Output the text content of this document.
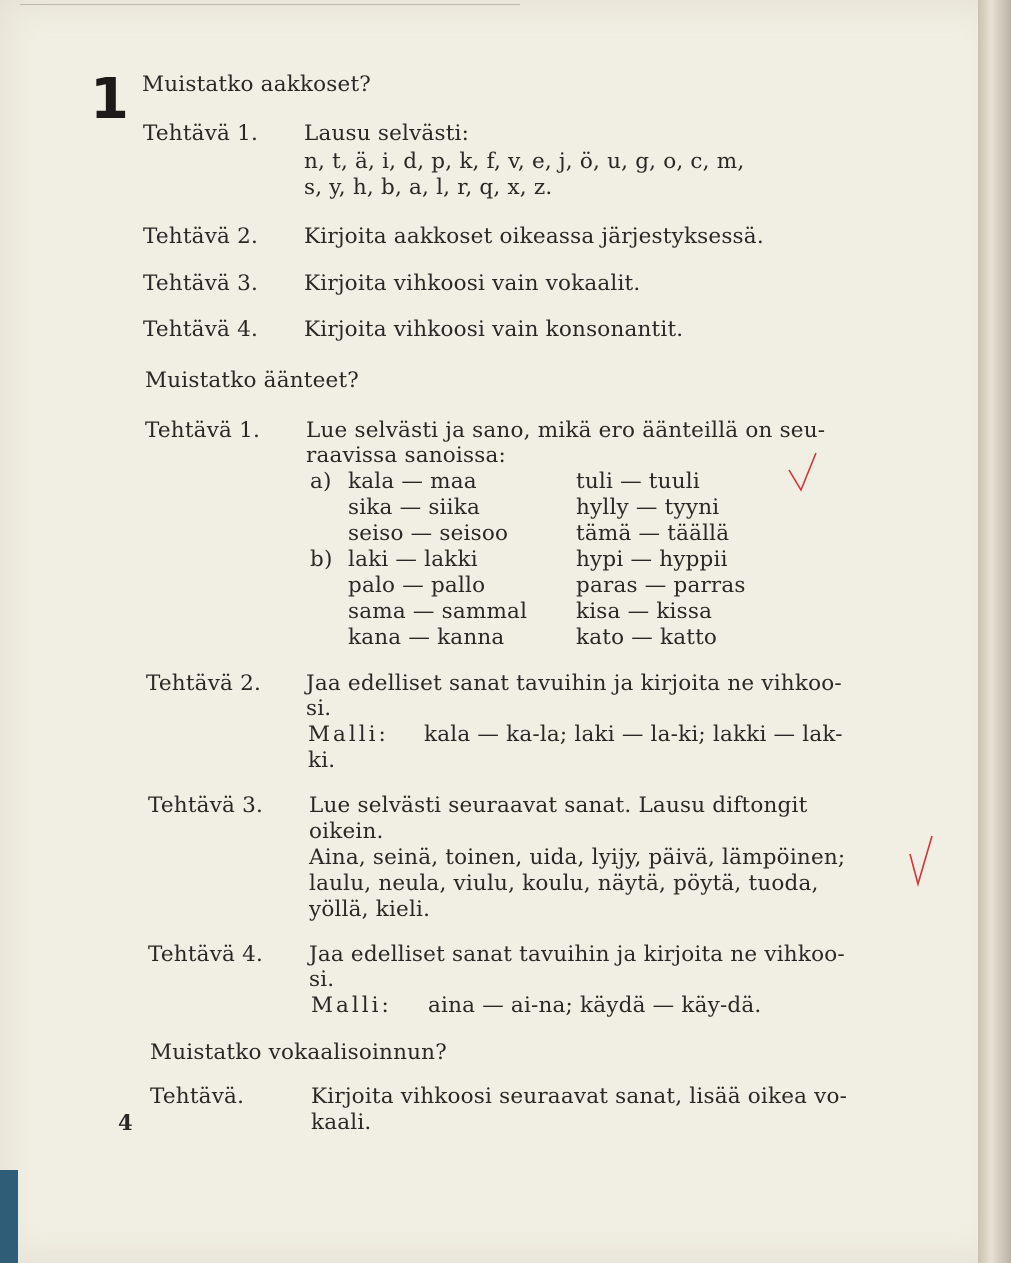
1 Muistatko aakkoset?
Tehtävä 1. Lausu selvästi:
n, t, ä, i, d, p, k, f, v, e, j, ö, u, g, o, c, m,
s, y, h, b, a, l, r, q, x, z.
Tehtävä 2. Kirjoita aakkoset oikeassa järjestyksessä.
Tehtävä 3. Kirjoita vihkoosi vain vokaalit.
Tehtävä 4. Kirjoita vihkoosi vain konsonantit.
Muistatko äänteet?
Tehtävä 1. Lue selvästi ja sano, mikä ero äänteillä on seu-
raavissa sanoissa:
a) kala — maa
sika — siika
seiso — seisoo
tuli — tuuli
hylly — tyyni
tämä — täällä
b) laki — lakki
palo — pallo
sama — sammal
kana — kanna
hypi — hyppii
paras — parras
kisa — kissa
kato — katto
Tehtävä 2. Jaa edelliset sanat tavuihin ja kirjoita ne vihkoo-
si.
Malli: kala — ka-la; laki — la-ki; lakki — lak-
ki.
Tehtävä 3. Lue selvästi seuraavat sanat. Lausu diftongit
oikein.
Aina, seinä, toinen, uida, lyijy, päivä, lämpöinen;
laulu, neula, viulu, koulu, näytä, pöytä, tuoda,
yöllä, kieli.
Tehtävä 4. Jaa edelliset sanat tavuihin ja kirjoita ne vihkoo-
si.
Malli: aina — ai-na; käydä — käy-dä.
Muistatko vokaalisoinnun?
Tehtävä.	Kirjoita vihkoosi seuraavat sanat, lisää oikea vo-
kaali.
4
